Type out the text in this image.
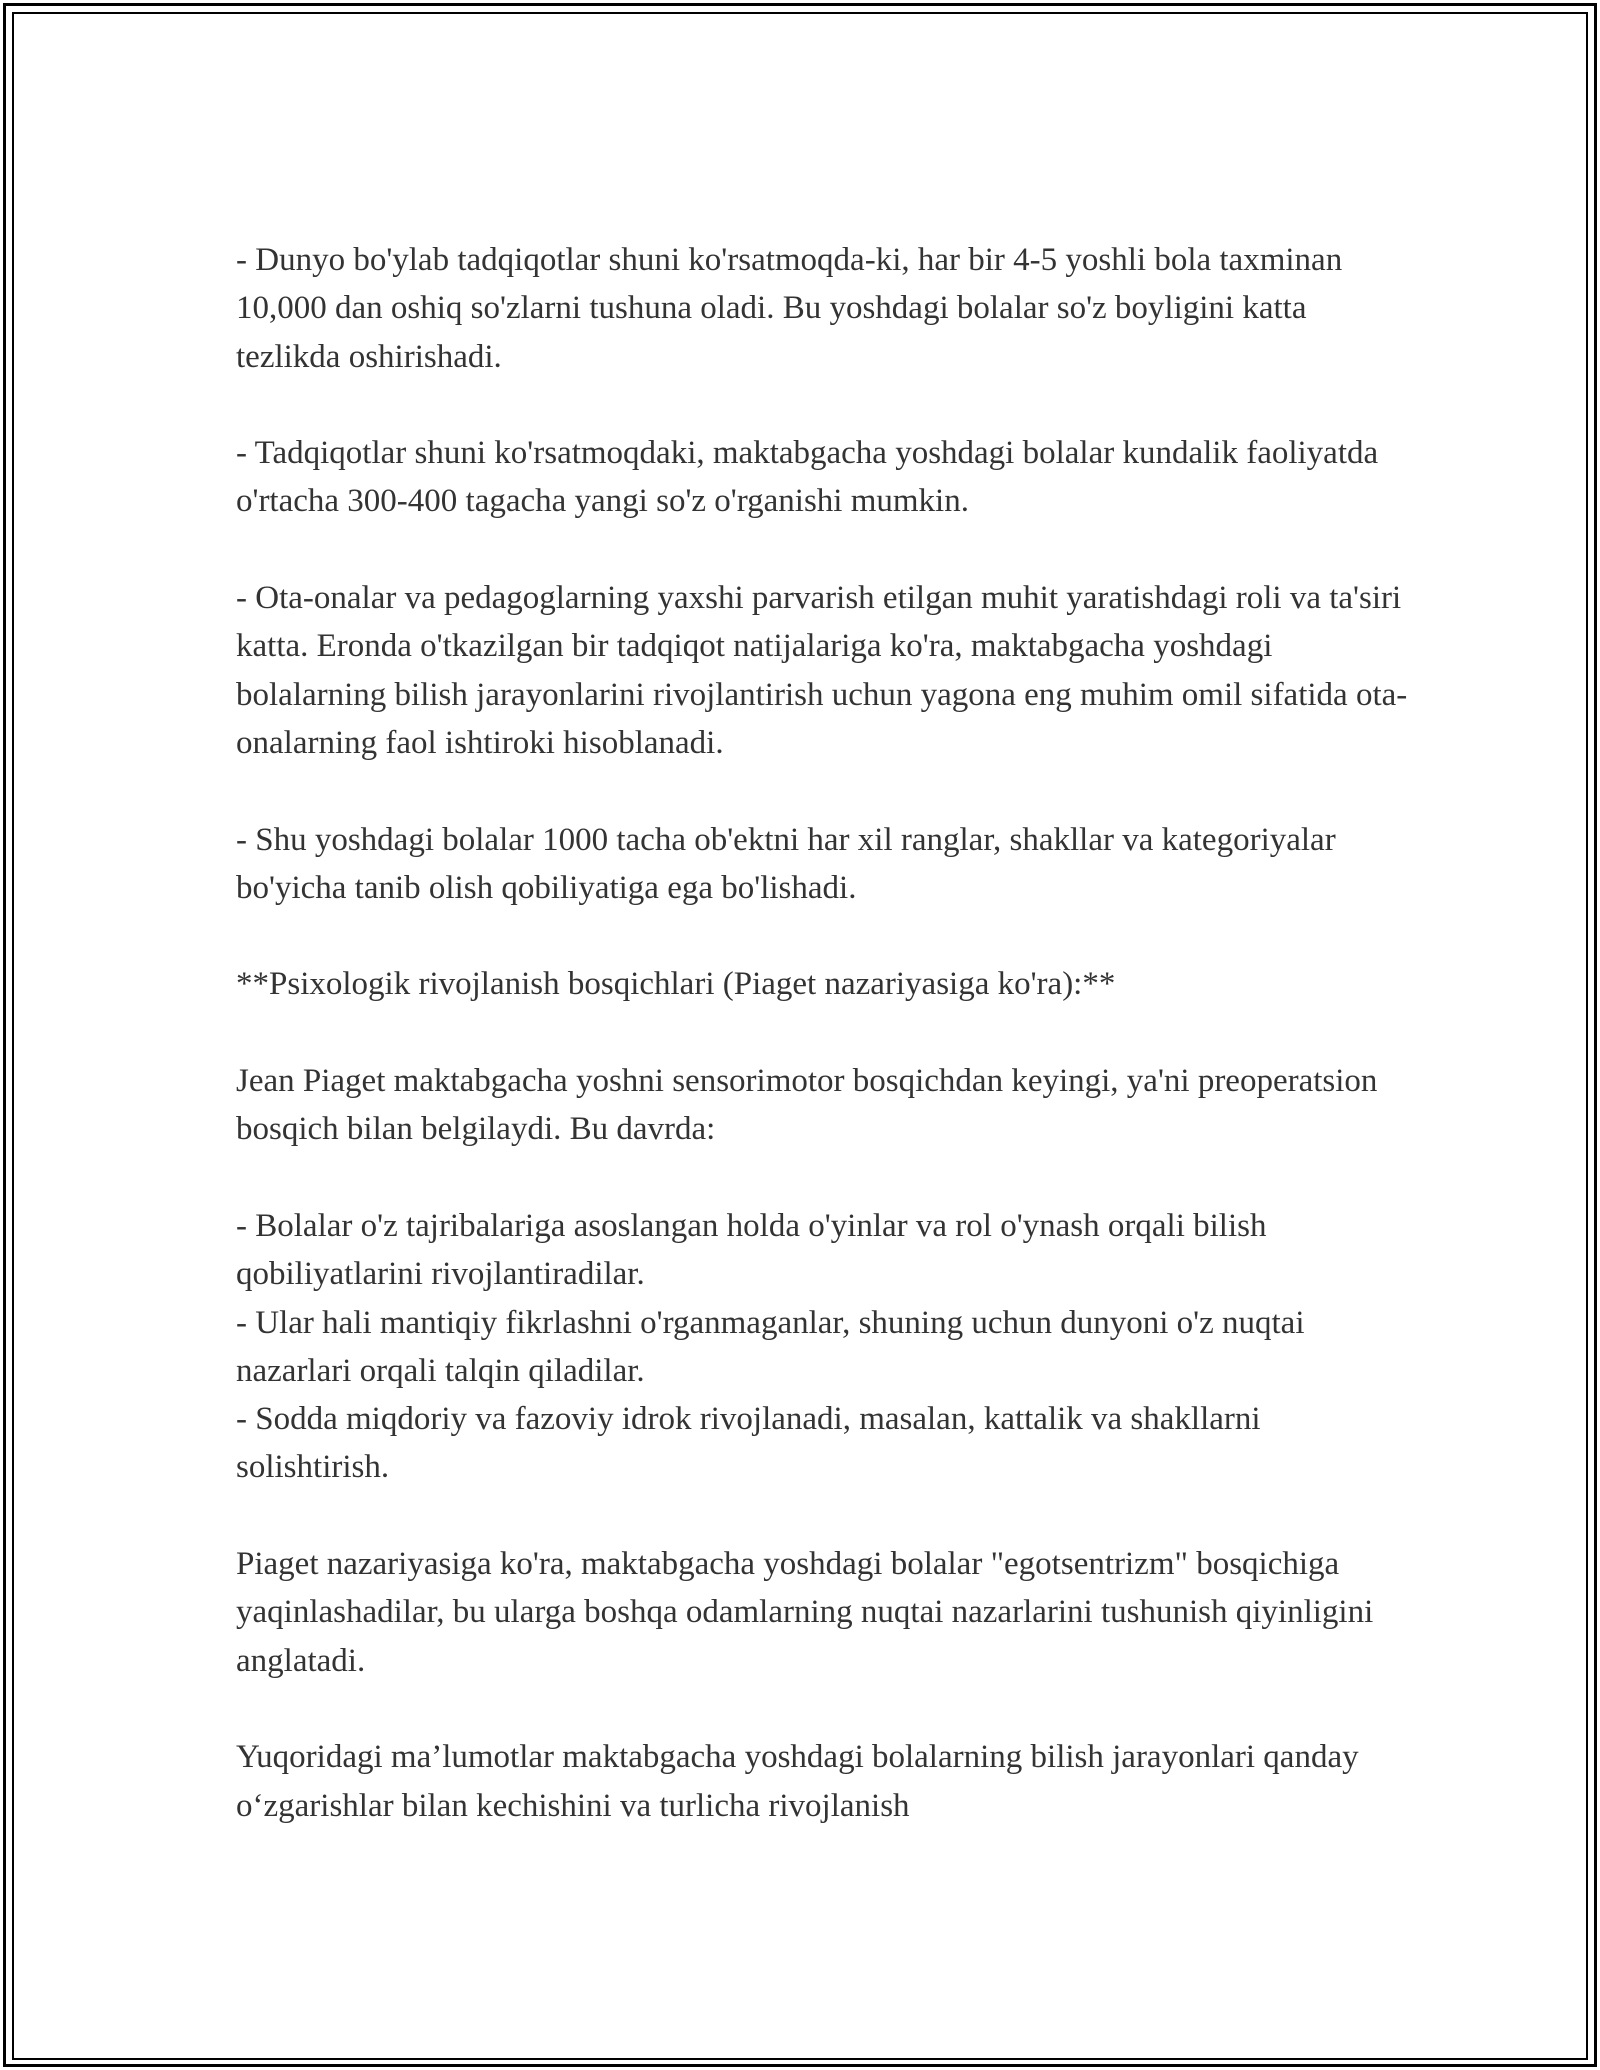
- Dunyo bo'ylab tadqiqotlar shuni ko'rsatmoqda-ki, har bir 4-5 yoshli bola taxminan 10,000 dan oshiq so'zlarni tushuna oladi. Bu yoshdagi bolalar so'z boyligini katta tezlikda oshirishadi.

- Tadqiqotlar shuni ko'rsatmoqdaki, maktabgacha yoshdagi bolalar kundalik faoliyatda o'rtacha 300-400 tagacha yangi so'z o'rganishi mumkin.

- Ota-onalar va pedagoglarning yaxshi parvarish etilgan muhit yaratishdagi roli va ta'siri katta. Eronda o'tkazilgan bir tadqiqot natijalariga ko'ra, maktabgacha yoshdagi bolalarning bilish jarayonlarini rivojlantirish uchun yagona eng muhim omil sifatida ota-onalarning faol ishtiroki hisoblanadi.

- Shu yoshdagi bolalar 1000 tacha ob'ektni har xil ranglar, shakllar va kategoriyalar bo'yicha tanib olish qobiliyatiga ega bo'lishadi.

**Psixologik rivojlanish bosqichlari (Piaget nazariyasiga ko'ra):**

Jean Piaget maktabgacha yoshni sensorimotor bosqichdan keyingi, ya'ni preoperatsion bosqich bilan belgilaydi. Bu davrda:

- Bolalar o'z tajribalariga asoslangan holda o'yinlar va rol o'ynash orqali bilish qobiliyatlarini rivojlantiradilar.

- Ular hali mantiqiy fikrlashni o'rganmaganlar, shuning uchun dunyoni o'z nuqtai nazarlari orqali talqin qiladilar.

- Sodda miqdoriy va fazoviy idrok rivojlanadi, masalan, kattalik va shakllarni solishtirish.

Piaget nazariyasiga ko'ra, maktabgacha yoshdagi bolalar "egotsentrizm" bosqichiga yaqinlashadilar, bu ularga boshqa odamlarning nuqtai nazarlarini tushunish qiyinligini anglatadi.

Yuqoridagi ma’lumotlar maktabgacha yoshdagi bolalarning bilish jarayonlari qanday o‘zgarishlar bilan kechishini va turlicha rivojlanish
